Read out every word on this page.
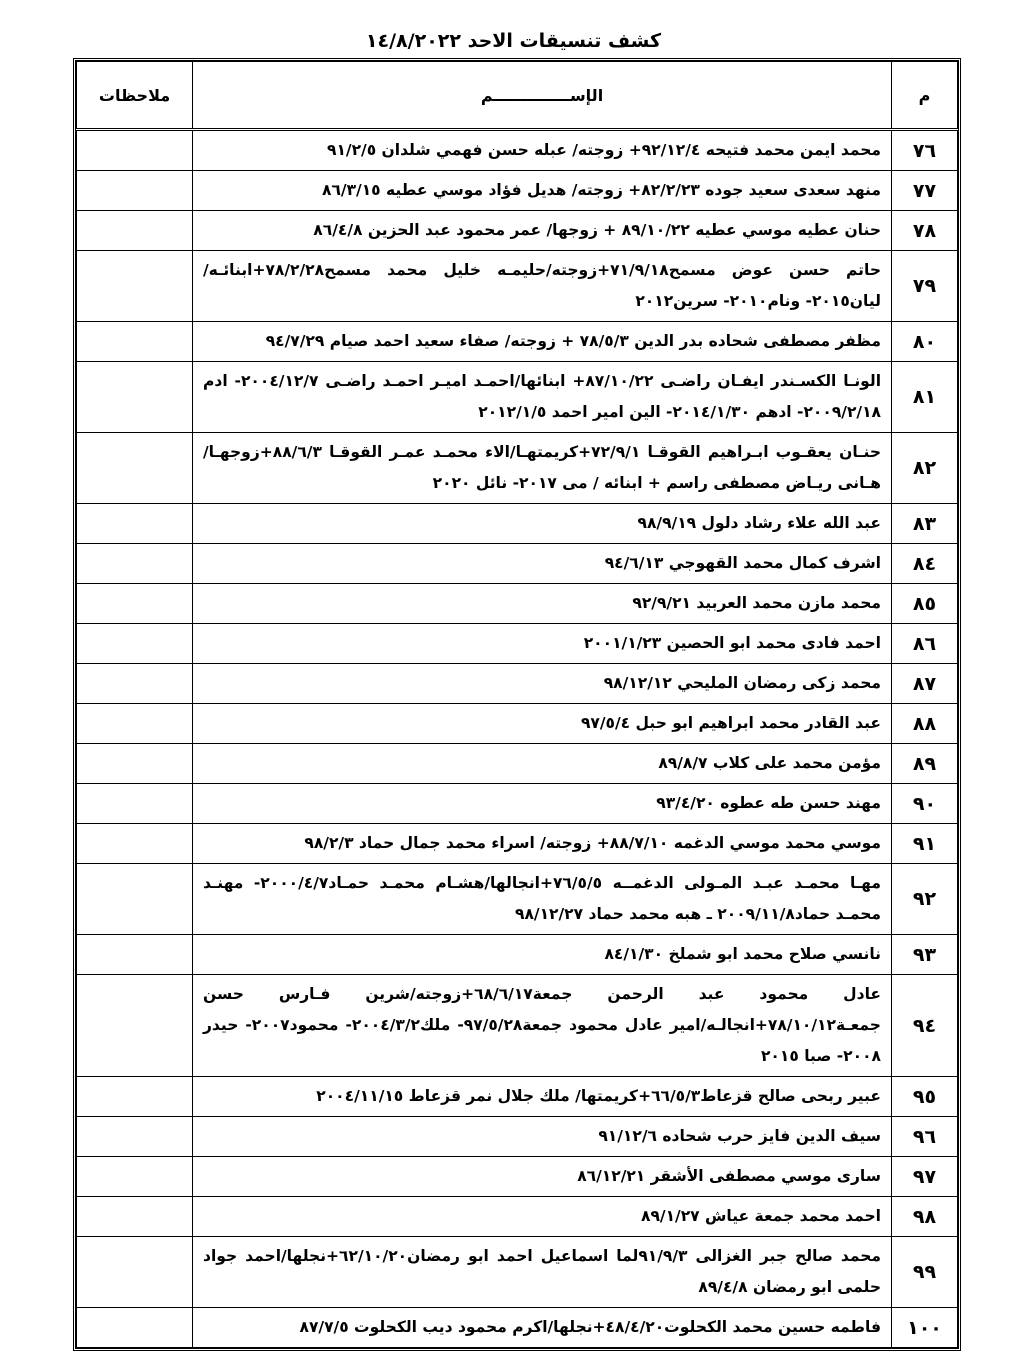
كشف تنسيقات الاحد ١٤/٨/٢٠٢٢
م	الإســــــــــــــم	ملاحظات
٧٦	محمد ايمن محمد فتيحه ٩٢/١٢/٤+ زوجته/ عبله حسن فهمي شلدان ٩١/٢/٥	
٧٧	منهد سعدى سعيد جوده ٨٢/٢/٢٣+ زوجته/ هديل فؤاد موسي عطيه ٨٦/٣/١٥	
٧٨	حنان عطيه موسي عطيه ٨٩/١٠/٢٢ + زوجها/ عمر محمود عبد الحزين ٨٦/٤/٨	
٧٩	حاتم حسن عوض مسمح٧١/٩/١٨+زوجته/حليمـه خليل محمد مسمح٧٨/٢/٢٨+ابنائـه/ ليان٢٠١٥- ونام٢٠١٠- سرين٢٠١٢	
٨٠	مظفر مصطفى شحاده بدر الدين ٧٨/٥/٣ + زوجته/ صفاء سعيد احمد صيام ٩٤/٧/٢٩	
٨١	الونـا الكسـندر ايفـان راضـى ٨٧/١٠/٢٢+ ابنائها/احمـد اميـر احمـد راضـى ٢٠٠٤/١٢/٧- ادم ٢٠٠٩/٢/١٨- ادهم ٢٠١٤/١/٣٠- الين امير احمد ٢٠١٢/١/٥	
٨٢	حنـان يعقـوب ابـراهيم القوقـا ٧٢/٩/١+كريمتهـا/الاء محمـد عمـر القوقـا ٨٨/٦/٣+زوجهـا/هـانى ريـاض مصطفى راسم + ابنائه / مى ٢٠١٧- نائل ٢٠٢٠	
٨٣	عبد الله علاء رشاد دلول ٩٨/٩/١٩	
٨٤	اشرف كمال محمد القهوجي ٩٤/٦/١٣	
٨٥	محمد مازن محمد العربيد ٩٢/٩/٢١	
٨٦	احمد فادى محمد ابو الحصين ٢٠٠١/١/٢٣	
٨٧	محمد زكى رمضان المليحي ٩٨/١٢/١٢	
٨٨	عبد القادر محمد ابراهيم ابو حبل ٩٧/٥/٤	
٨٩	مؤمن محمد على كلاب ٨٩/٨/٧	
٩٠	مهند حسن طه عطوه ٩٣/٤/٢٠	
٩١	موسي محمد موسي الدغمه ٨٨/٧/١٠+ زوجته/ اسراء محمد جمال حماد ٩٨/٢/٣	
٩٢	مهـا محمـد عبـد المـولى الدغمــه ٧٦/٥/٥+انجالها/هشـام محمـد حمـاد٢٠٠٠/٤/٧- مهنـد محمـد حماد٢٠٠٩/١١/٨ ـ هبه محمد حماد ٩٨/١٢/٢٧	
٩٣	نانسي صلاح محمد ابو شملخ ٨٤/١/٣٠	
٩٤	عادل محمود عبد الرحمن جمعة٦٨/٦/١٧+زوجته/شرين فـارس حسن جمعـة٧٨/١٠/١٢+انجالـه/امير عادل محمود جمعة٩٧/٥/٢٨- ملك٢٠٠٤/٣/٢- محمود٢٠٠٧- حيدر ٢٠٠٨- صبا ٢٠١٥	
٩٥	عبير ربحى صالح قزعاط٦٦/٥/٣+كريمتها/ ملك جلال نمر قزعاط ٢٠٠٤/١١/١٥	
٩٦	سيف الدين فايز حرب شحاده ٩١/١٢/٦	
٩٧	سارى موسي مصطفى الأشقر ٨٦/١٢/٢١	
٩٨	احمد محمد جمعة عياش ٨٩/١/٢٧	
٩٩	محمد صالح جبر الغزالى ٩١/٩/٣لما اسماعيل احمد ابو رمضان٦٢/١٠/٢٠+نجلها/احمد جواد حلمى ابو رمضان ٨٩/٤/٨	
١٠٠	فاطمه حسين محمد الكحلوت٤٨/٤/٢٠+نجلها/اكرم محمود ديب الكحلوت ٨٧/٧/٥	
